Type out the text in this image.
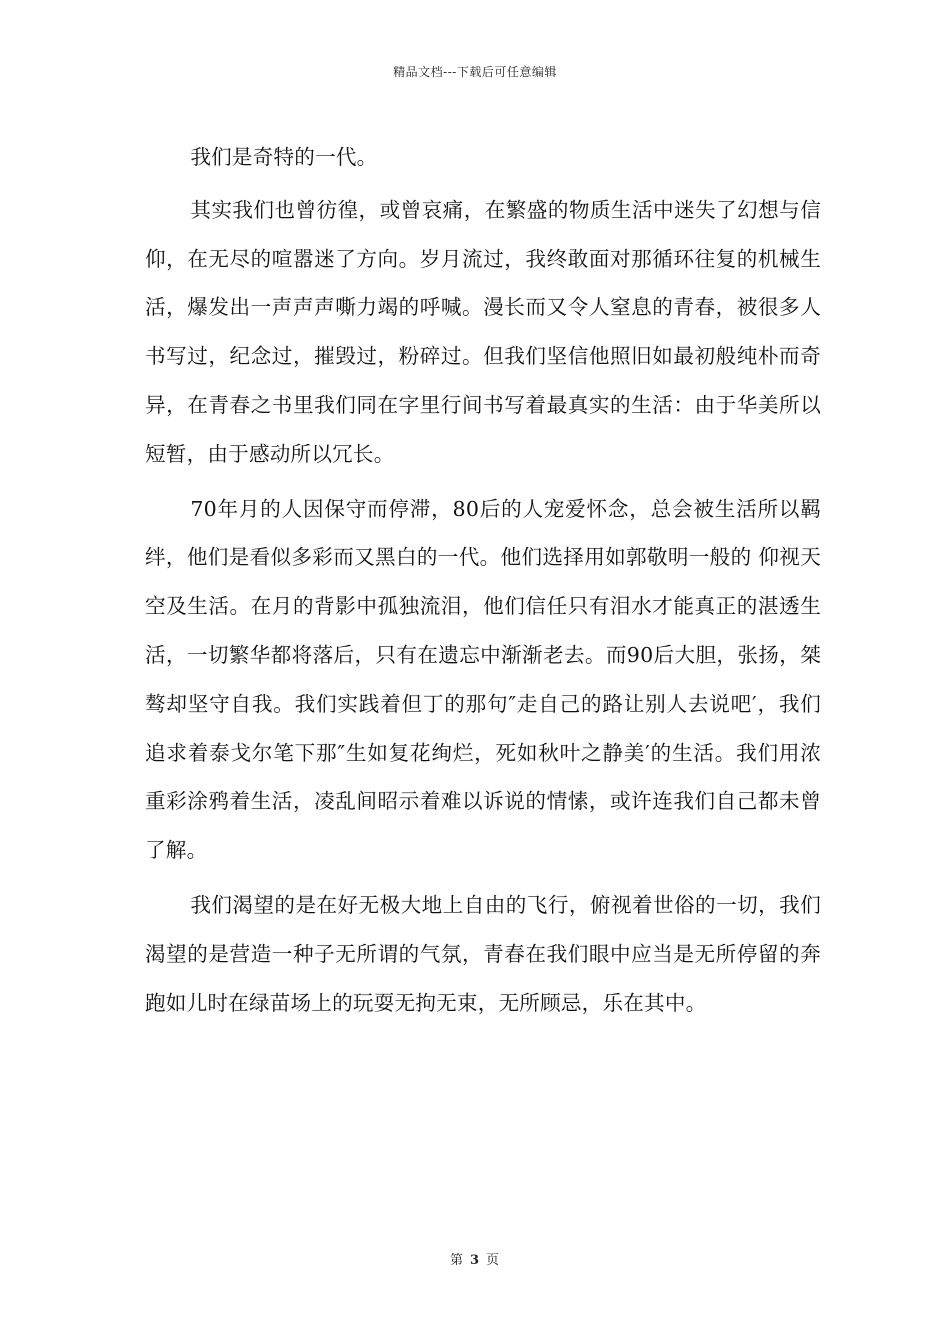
精品文档---下载后可任意编辑

我们是奇特的一代。

其实我们也曾彷徨，或曾哀痛，在繁盛的物质生活中迷失了幻想与信仰，在无尽的喧嚣迷了方向。岁月流过，我终敢面对那循环往复的机械生活，爆发出一声声声嘶力竭的呼喊。漫长而又令人窒息的青春，被很多人书写过，纪念过，摧毁过，粉碎过。但我们坚信他照旧如最初般纯朴而奇异，在青春之书里我们同在字里行间书写着最真实的生活：由于华美所以短暂，由于感动所以冗长。

70年月的人因保守而停滞，80后的人宠爱怀念，总会被生活所以羁绊，他们是看似多彩而又黑白的一代。他们选择用如郭敬明一般的 仰视天空及生活。在月的背影中孤独流泪，他们信任只有泪水才能真正的湛透生活，一切繁华都将落后，只有在遗忘中渐渐老去。而90后大胆，张扬，桀骜却坚守自我。我们实践着但丁的那句″走自己的路让别人去说吧′，我们追求着泰戈尔笔下那″生如复花绚烂，死如秋叶之静美′的生活。我们用浓重彩涂鸦着生活，凌乱间昭示着难以诉说的情愫，或许连我们自己都未曾了解。

我们渴望的是在好无极大地上自由的飞行，俯视着世俗的一切，我们渴望的是营造一种子无所谓的气氛，青春在我们眼中应当是无所停留的奔跑如儿时在绿苗场上的玩耍无拘无束，无所顾忌，乐在其中。

第 3 页
